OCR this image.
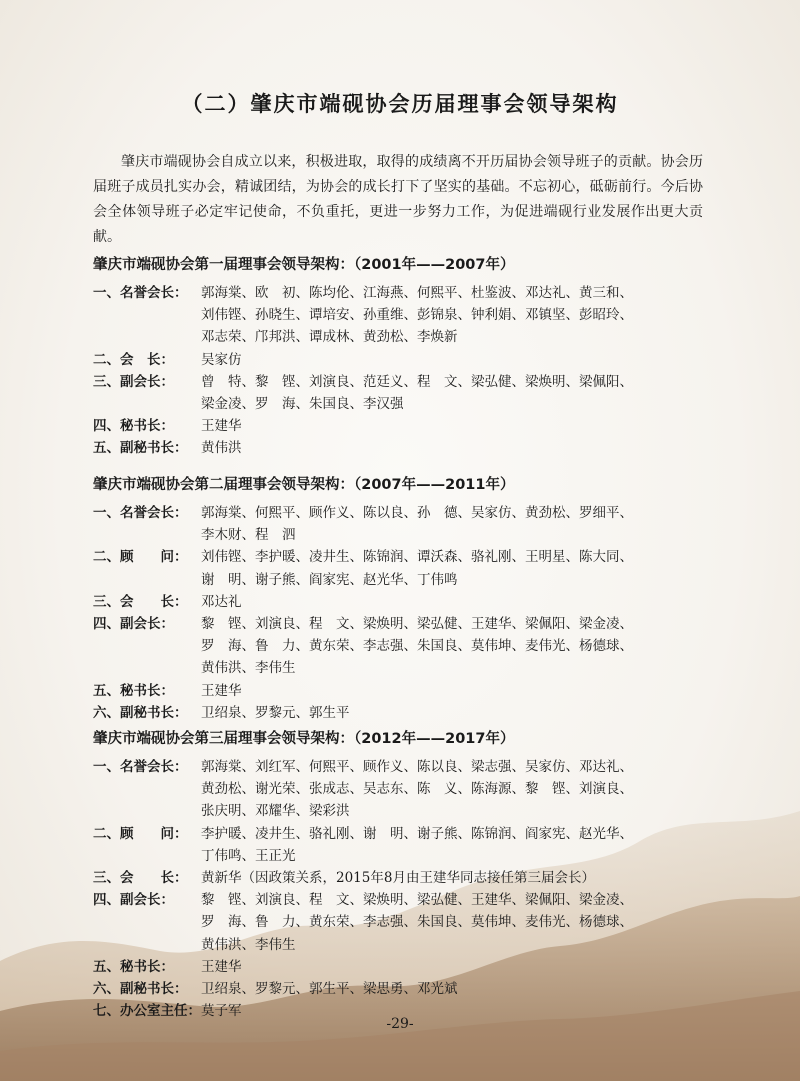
（二）肇庆市端砚协会历届理事会领导架构
肇庆市端砚协会自成立以来，积极进取，取得的成绩离不开历届协会领导班子的贡献。协会历届班子成员扎实办会，精诚团结，为协会的成长打下了坚实的基础。不忘初心，砥砺前行。今后协会全体领导班子必定牢记使命，不负重托，更进一步努力工作，为促进端砚行业发展作出更大贡献。
肇庆市端砚协会第一届理事会领导架构：（2001年——2007年）
一、名誉会长：	郭海棠、欧　初、陈均伦、江海燕、何熙平、杜鉴波、邓达礼、黄三和、
刘伟铿、孙晓生、谭培安、孙重维、彭锦泉、钟利娟、邓镇坚、彭昭玲、
邓志荣、邝邦洪、谭成林、黄劲松、李焕新
二、会　长：	吴家仿
三、副会长：	曾　特、黎　铿、刘演良、范廷义、程　文、梁弘健、梁焕明、梁佩阳、
梁金凌、罗　海、朱国良、李汉强
四、秘书长：	王建华
五、副秘书长：	黄伟洪
肇庆市端砚协会第二届理事会领导架构：（2007年——2011年）
一、名誉会长：	郭海棠、何熙平、顾作义、陈以良、孙　德、吴家仿、黄劲松、罗细平、
李木财、程　泗
二、顾　　问：	刘伟铿、李护暖、凌井生、陈锦润、谭沃森、骆礼刚、王明星、陈大同、
谢　明、谢子熊、阎家宪、赵光华、丁伟鸣
三、会　　长：	邓达礼
四、副会长：	黎　铿、刘演良、程　文、梁焕明、梁弘健、王建华、梁佩阳、梁金凌、
罗　海、鲁　力、黄东荣、李志强、朱国良、莫伟坤、麦伟光、杨德球、
黄伟洪、李伟生
五、秘书长：	王建华
六、副秘书长：	卫绍泉、罗黎元、郭生平
肇庆市端砚协会第三届理事会领导架构：（2012年——2017年）
一、名誉会长：	郭海棠、刘红军、何熙平、顾作义、陈以良、梁志强、吴家仿、邓达礼、
黄劲松、谢光荣、张成志、吴志东、陈　义、陈海源、黎　铿、刘演良、
张庆明、邓耀华、梁彩洪
二、顾　　问：	李护暖、凌井生、骆礼刚、谢　明、谢子熊、陈锦润、阎家宪、赵光华、
丁伟鸣、王正光
三、会　　长：	黄新华（因政策关系，2015年8月由王建华同志接任第三届会长）
四、副会长：	黎　铿、刘演良、程　文、梁焕明、梁弘健、王建华、梁佩阳、梁金凌、
罗　海、鲁　力、黄东荣、李志强、朱国良、莫伟坤、麦伟光、杨德球、
黄伟洪、李伟生
五、秘书长：	王建华
六、副秘书长：	卫绍泉、罗黎元、郭生平、梁思勇、邓光斌
七、办公室主任： 莫子军
-29-
